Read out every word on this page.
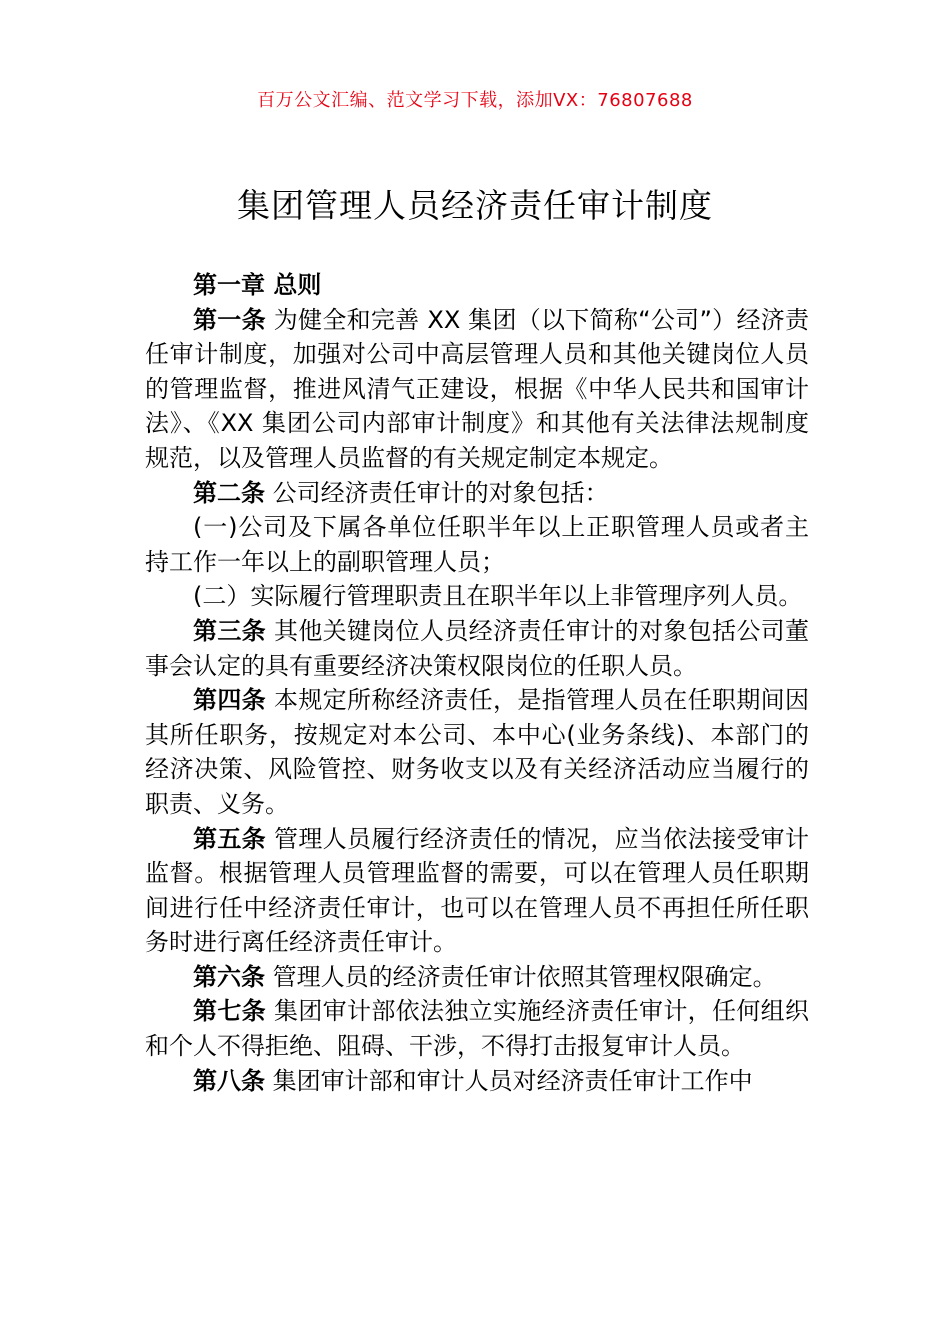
百万公文汇编、范文学习下载，添加VX：76807688
集团管理人员经济责任审计制度

第一章 总则

第一条 为健全和完善 XX 集团（以下简称“公司”）经济责任审计制度，加强对公司中高层管理人员和其他关键岗位人员的管理监督，推进风清气正建设，根据《中华人民共和国审计法》、《XX 集团公司内部审计制度》和其他有关法律法规制度规范，以及管理人员监督的有关规定制定本规定。

第二条 公司经济责任审计的对象包括：

(一)公司及下属各单位任职半年以上正职管理人员或者主持工作一年以上的副职管理人员；

(二）实际履行管理职责且在职半年以上非管理序列人员。

第三条 其他关键岗位人员经济责任审计的对象包括公司董事会认定的具有重要经济决策权限岗位的任职人员。

第四条 本规定所称经济责任，是指管理人员在任职期间因其所任职务，按规定对本公司、本中心(业务条线)、本部门的经济决策、风险管控、财务收支以及有关经济活动应当履行的职责、义务。

第五条 管理人员履行经济责任的情况，应当依法接受审计监督。根据管理人员管理监督的需要，可以在管理人员任职期间进行任中经济责任审计，也可以在管理人员不再担任所任职务时进行离任经济责任审计。

第六条 管理人员的经济责任审计依照其管理权限确定。

第七条 集团审计部依法独立实施经济责任审计，任何组织和个人不得拒绝、阻碍、干涉，不得打击报复审计人员。

第八条 集团审计部和审计人员对经济责任审计工作中
